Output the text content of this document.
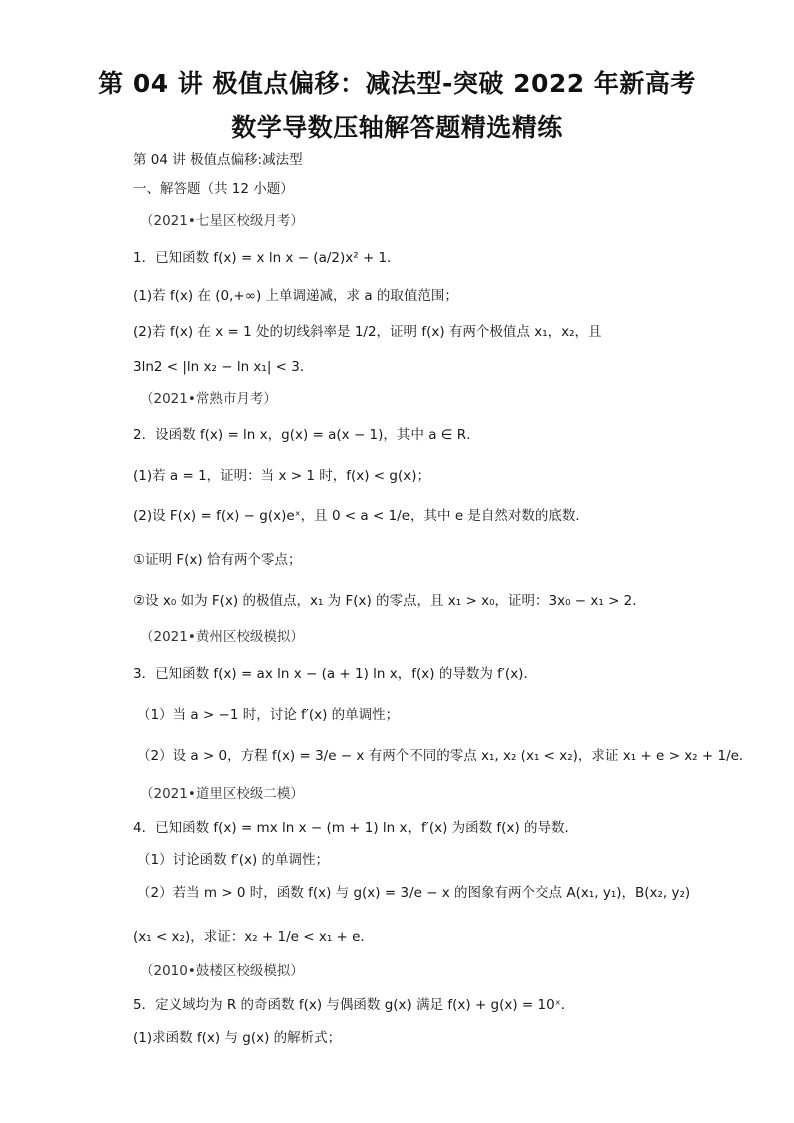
第 04 讲 极值点偏移：减法型-突破 2022 年新高考
数学导数压轴解答题精选精练
第 04 讲 极值点偏移:减法型
一、解答题（共 12 小题）
（2021•七星区校级月考）
1．已知函数 f(x) = x ln x − (a/2)x² + 1．
(1)若 f(x) 在 (0,+∞) 上单调递减，求 a 的取值范围；
(2)若 f(x) 在 x = 1 处的切线斜率是 1/2，证明 f(x) 有两个极值点 x₁，x₂，且
3ln2 < |ln x₂ − ln x₁| < 3．
（2021•常熟市月考）
2．设函数 f(x) = ln x，g(x) = a(x − 1)，其中 a ∈ R．
(1)若 a = 1，证明：当 x > 1 时，f(x) < g(x)；
(2)设 F(x) = f(x) − g(x)eˣ，且 0 < a < 1/e，其中 e 是自然对数的底数．
①证明 F(x) 恰有两个零点；
②设 x₀ 如为 F(x) 的极值点，x₁ 为 F(x) 的零点，且 x₁ > x₀，证明：3x₀ − x₁ > 2．
（2021•黄州区校级模拟）
3．已知函数 f(x) = ax ln x − (a + 1) ln x，f(x) 的导数为 f′(x)．
（1）当 a > −1 时，讨论 f′(x) 的单调性；
（2）设 a > 0，方程 f(x) = 3/e − x 有两个不同的零点 x₁, x₂ (x₁ < x₂)，求证 x₁ + e > x₂ + 1/e．
（2021•道里区校级二模）
4．已知函数 f(x) = mx ln x − (m + 1) ln x，f′(x) 为函数 f(x) 的导数．
（1）讨论函数 f′(x) 的单调性；
（2）若当 m > 0 时，函数 f(x) 与 g(x) = 3/e − x 的图象有两个交点 A(x₁, y₁)，B(x₂, y₂)
(x₁ < x₂)，求证：x₂ + 1/e < x₁ + e．
（2010•鼓楼区校级模拟）
5．定义域均为 R 的奇函数 f(x) 与偶函数 g(x) 满足 f(x) + g(x) = 10ˣ．
(1)求函数 f(x) 与 g(x) 的解析式；
